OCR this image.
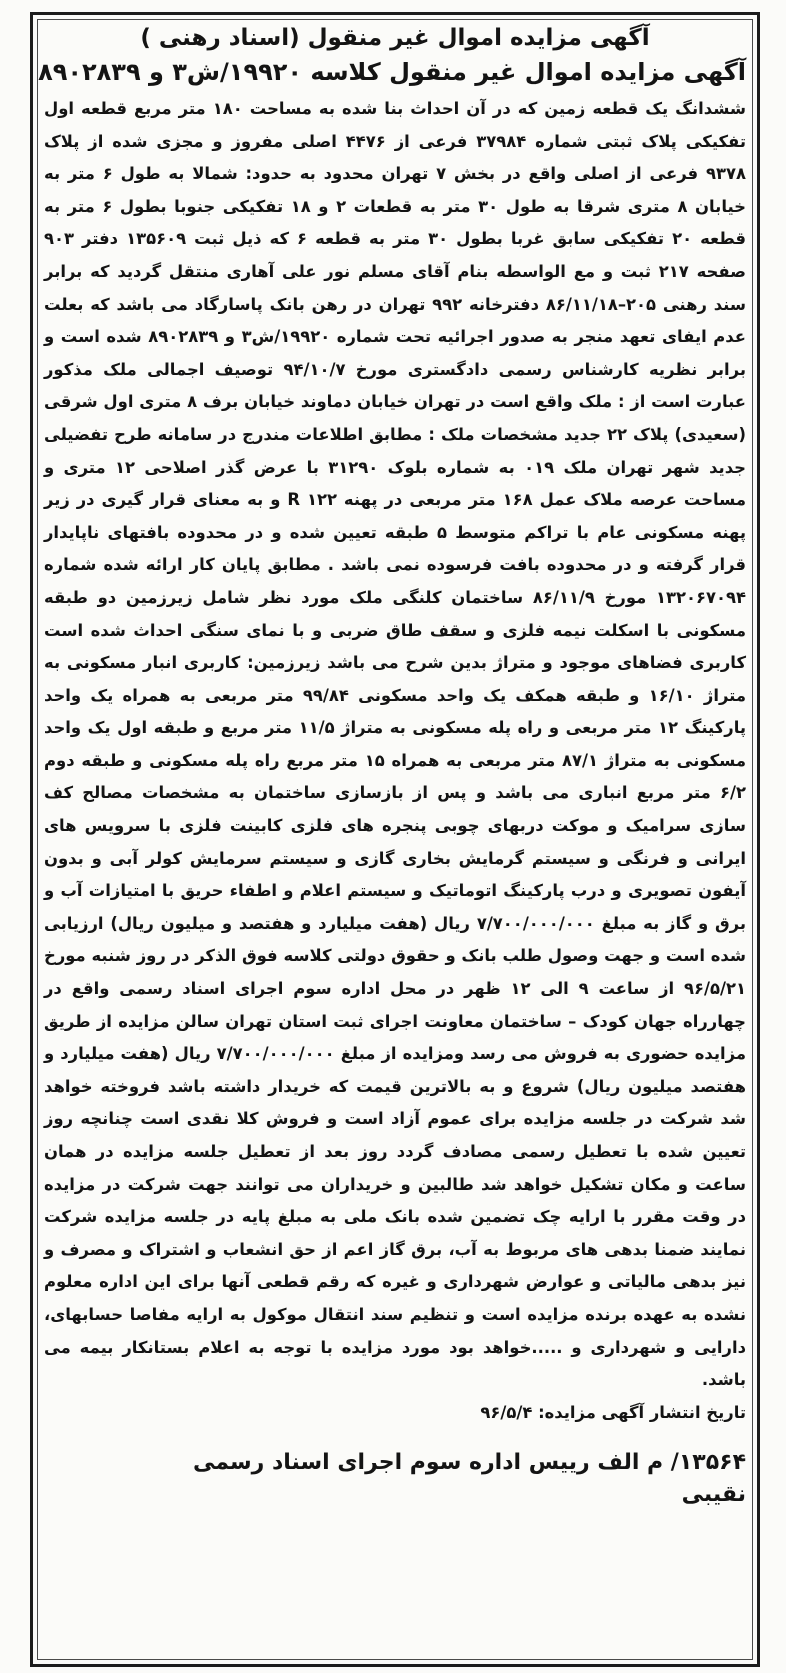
آگهی مزایده اموال غیر منقول (اسناد رهنی )
آگهی مزایده اموال غیر منقول کلاسه ۱۹۹۲۰/ش۳ و ۸۹۰۲۸۳۹

ششدانگ یک قطعه زمین که در آن احداث بنا شده به مساحت ۱۸۰ متر مربع قطعه اول تفکیکی پلاک ثبتی شماره ۳۷۹۸۴ فرعی از ۴۴۷۶ اصلی مفروز و مجزی شده از پلاک ۹۳۷۸ فرعی از اصلی واقع در بخش ۷ تهران محدود به حدود: شمالا به طول ۶ متر به خیابان ۸ متری شرقا به طول ۳۰ متر به قطعات ۲ و ۱۸ تفکیکی جنوبا بطول ۶ متر به قطعه ۲۰ تفکیکی سابق غربا بطول ۳۰ متر به قطعه ۶ که ذیل ثبت ۱۳۵۶۰۹ دفتر ۹۰۳ صفحه ۲۱۷ ثبت و مع الواسطه بنام آقای مسلم نور علی آهاری منتقل گردید که برابر سند رهنی ۲۰۵–۸۶/۱۱/۱۸ دفترخانه ۹۹۲ تهران در رهن بانک پاسارگاد می باشد که بعلت عدم ایفای تعهد منجر به صدور اجرائیه تحت شماره ۱۹۹۲۰/ش۳ و ۸۹۰۲۸۳۹ شده است و برابر نظریه کارشناس رسمی دادگستری مورخ ۹۴/۱۰/۷ توصیف اجمالی ملک مذکور عبارت است از : ملک واقع است در تهران خیابان دماوند خیابان برف ۸ متری اول شرقی (سعیدی) پلاک ۲۲ جدید مشخصات ملک : مطابق اطلاعات مندرج در سامانه طرح تفضیلی جدید شهر تهران ملک ۰۱۹ به شماره بلوک ۳۱۲۹۰ با عرض گذر اصلاحی ۱۲ متری و مساحت عرصه ملاک عمل ۱۶۸ متر مربعی در پهنه R ۱۲۲ و به معنای قرار گیری در زیر پهنه مسکونی عام با تراکم متوسط ۵ طبقه تعیین شده و در محدوده بافتهای ناپایدار قرار گرفته و در محدوده بافت فرسوده نمی باشد . مطابق پایان کار ارائه شده شماره ۱۳۲۰۶۷۰۹۴ مورخ ۸۶/۱۱/۹ ساختمان کلنگی ملک مورد نظر شامل زیرزمین دو طبقه مسکونی با اسکلت نیمه فلزی و سقف طاق ضربی و با نمای سنگی احداث شده است کاربری فضاهای موجود و متراژ بدین شرح می باشد زیرزمین: کاربری انبار مسکونی به متراژ ۱۶/۱۰ و طبقه همکف یک واحد مسکونی ۹۹/۸۴ متر مربعی به همراه یک واحد پارکینگ ۱۲ متر مربعی و راه پله مسکونی به متراژ ۱۱/۵ متر مربع و طبقه اول یک واحد مسکونی به متراژ ۸۷/۱ متر مربعی به همراه ۱۵ متر مربع راه پله مسکونی و طبقه دوم ۶/۲ متر مربع انباری می باشد و پس از بازسازی ساختمان به مشخصات مصالح کف سازی سرامیک و موکت دربهای چوبی پنجره های فلزی کابینت فلزی با سرویس های ایرانی و فرنگی و سیستم گرمایش بخاری گازی و سیستم سرمایش کولر آبی و بدون آیفون تصویری و درب پارکینگ اتوماتیک و سیستم اعلام و اطفاء حریق با امتیازات آب و برق و گاز به مبلغ ۷/۷۰۰/۰۰۰/۰۰۰ ریال (هفت میلیارد و هفتصد و میلیون ریال) ارزیابی شده است و جهت وصول طلب بانک و حقوق دولتی کلاسه فوق الذکر در روز شنبه مورخ ۹۶/۵/۲۱ از ساعت ۹ الی ۱۲ ظهر در محل اداره سوم اجرای اسناد رسمی واقع در چهارراه جهان کودک – ساختمان معاونت اجرای ثبت استان تهران سالن مزایده از طریق مزایده حضوری به فروش می رسد ومزایده از مبلغ ۷/۷۰۰/۰۰۰/۰۰۰ ریال (هفت میلیارد و هفتصد میلیون ریال) شروع و به بالاترین قیمت که خریدار داشته باشد فروخته خواهد شد شرکت در جلسه مزایده برای عموم آزاد است و فروش کلا نقدی است چنانچه روز تعیین شده با تعطیل رسمی مصادف گردد روز بعد از تعطیل جلسه مزایده در همان ساعت و مکان تشکیل خواهد شد طالبین و خریداران می توانند جهت شرکت در مزایده در وقت مقرر با ارایه چک تضمین شده بانک ملی به مبلغ پایه در جلسه مزایده شرکت نمایند ضمنا بدهی های مربوط به آب، برق گاز اعم از حق انشعاب و اشتراک و مصرف و نیز بدهی مالیاتی و عوارض شهرداری و غیره که رقم قطعی آنها برای این اداره معلوم نشده به عهده برنده مزایده است و تنظیم سند انتقال موکول به ارایه مفاصا حسابهای، دارایی و شهرداری و .....خواهد بود مورد مزایده با توجه به اعلام بستانکار بیمه می باشد.

تاریخ انتشار آگهی مزایده: ۹۶/۵/۴

۱۳۵۶۴/ م الف رییس اداره سوم اجرای اسناد رسمی

نقیبی
